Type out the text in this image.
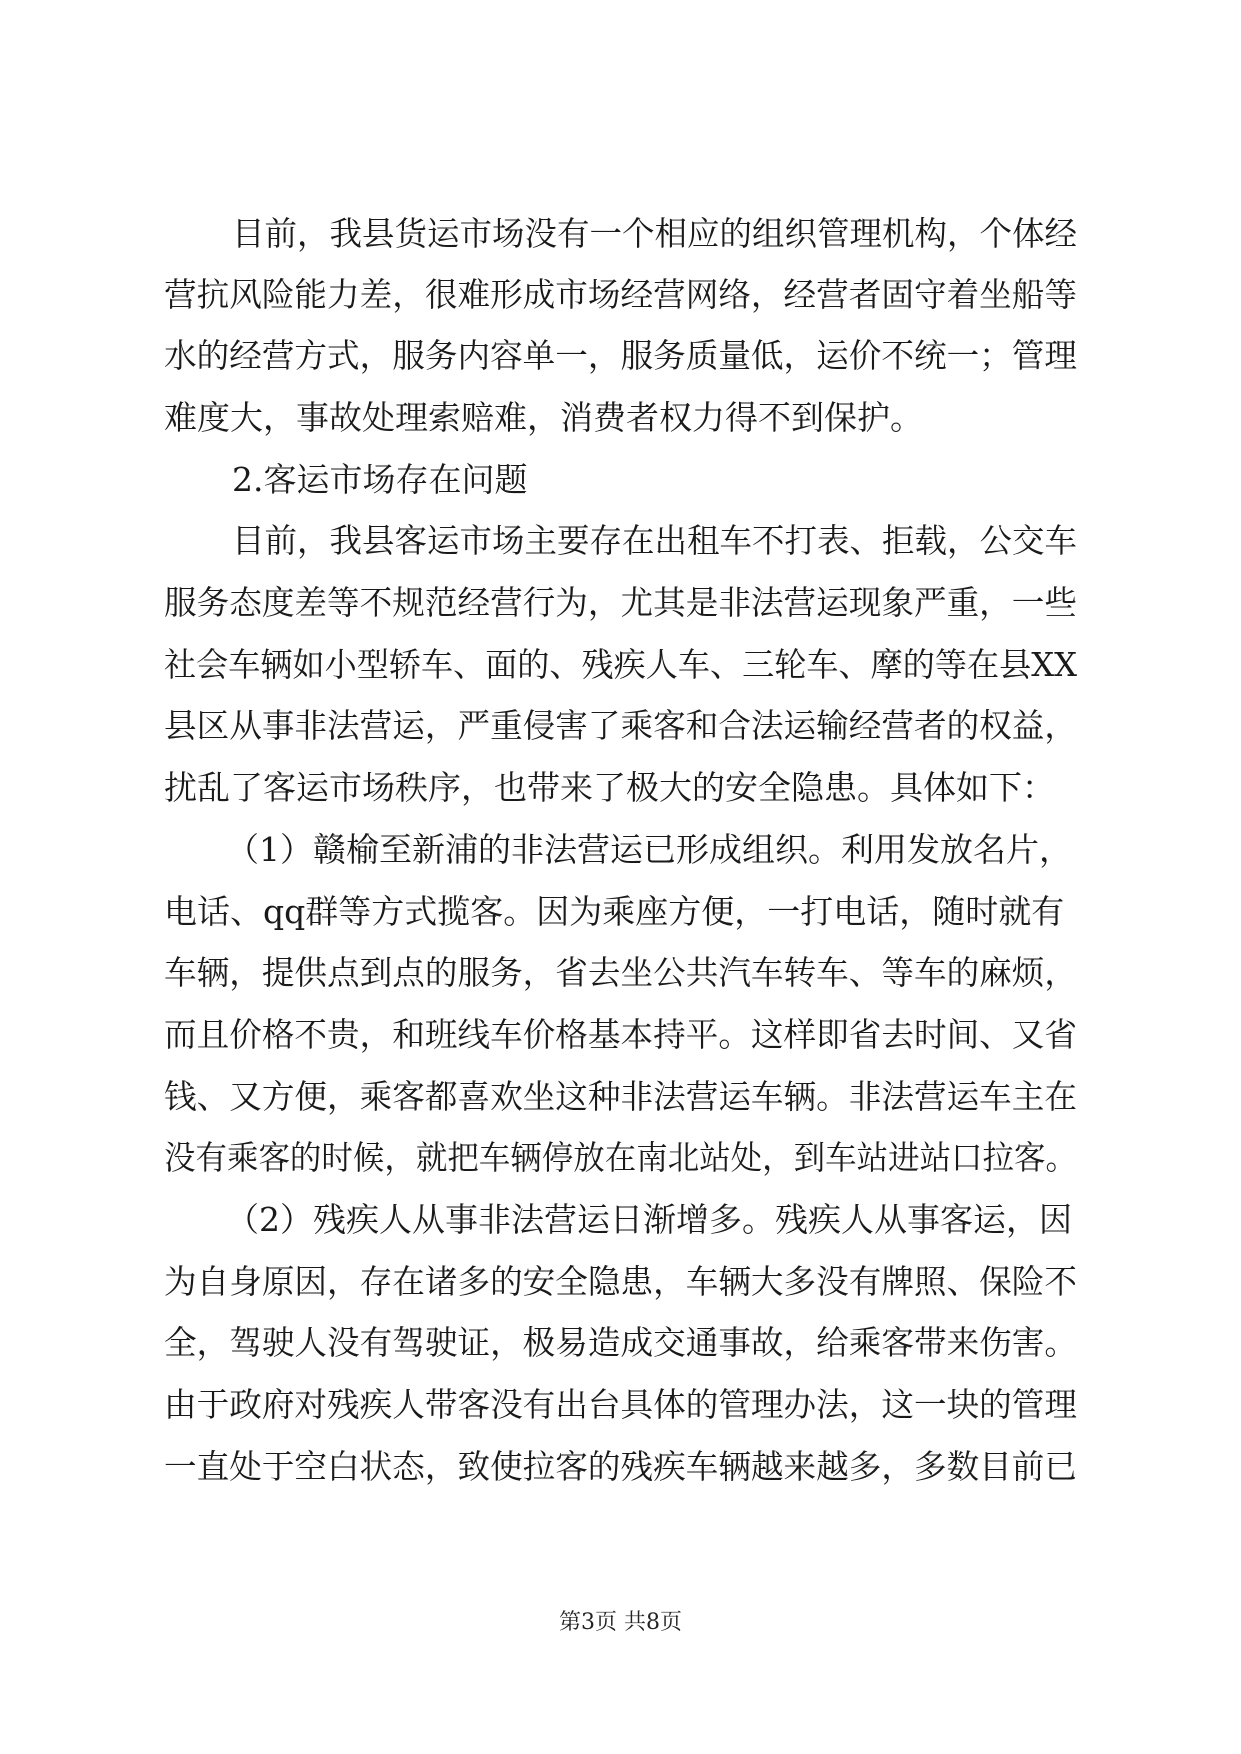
目前，我县货运市场没有一个相应的组织管理机构，个体经
营抗风险能力差，很难形成市场经营网络，经营者固守着坐船等
水的经营方式，服务内容单一，服务质量低，运价不统一；管理
难度大，事故处理索赔难，消费者权力得不到保护。
2.客运市场存在问题
目前，我县客运市场主要存在出租车不打表、拒载，公交车
服务态度差等不规范经营行为，尤其是非法营运现象严重，一些
社会车辆如小型轿车、面的、残疾人车、三轮车、摩的等在县XX
县区从事非法营运，严重侵害了乘客和合法运输经营者的权益，
扰乱了客运市场秩序，也带来了极大的安全隐患。具体如下：
（1）赣榆至新浦的非法营运已形成组织。利用发放名片，
电话、qq群等方式揽客。因为乘座方便，一打电话，随时就有
车辆，提供点到点的服务，省去坐公共汽车转车、等车的麻烦，
而且价格不贵，和班线车价格基本持平。这样即省去时间、又省
钱、又方便，乘客都喜欢坐这种非法营运车辆。非法营运车主在
没有乘客的时候，就把车辆停放在南北站处，到车站进站口拉客。
（2）残疾人从事非法营运日渐增多。残疾人从事客运，因
为自身原因，存在诸多的安全隐患，车辆大多没有牌照、保险不
全，驾驶人没有驾驶证，极易造成交通事故，给乘客带来伤害。
由于政府对残疾人带客没有出台具体的管理办法，这一块的管理
一直处于空白状态，致使拉客的残疾车辆越来越多，多数目前已
第3页 共8页
